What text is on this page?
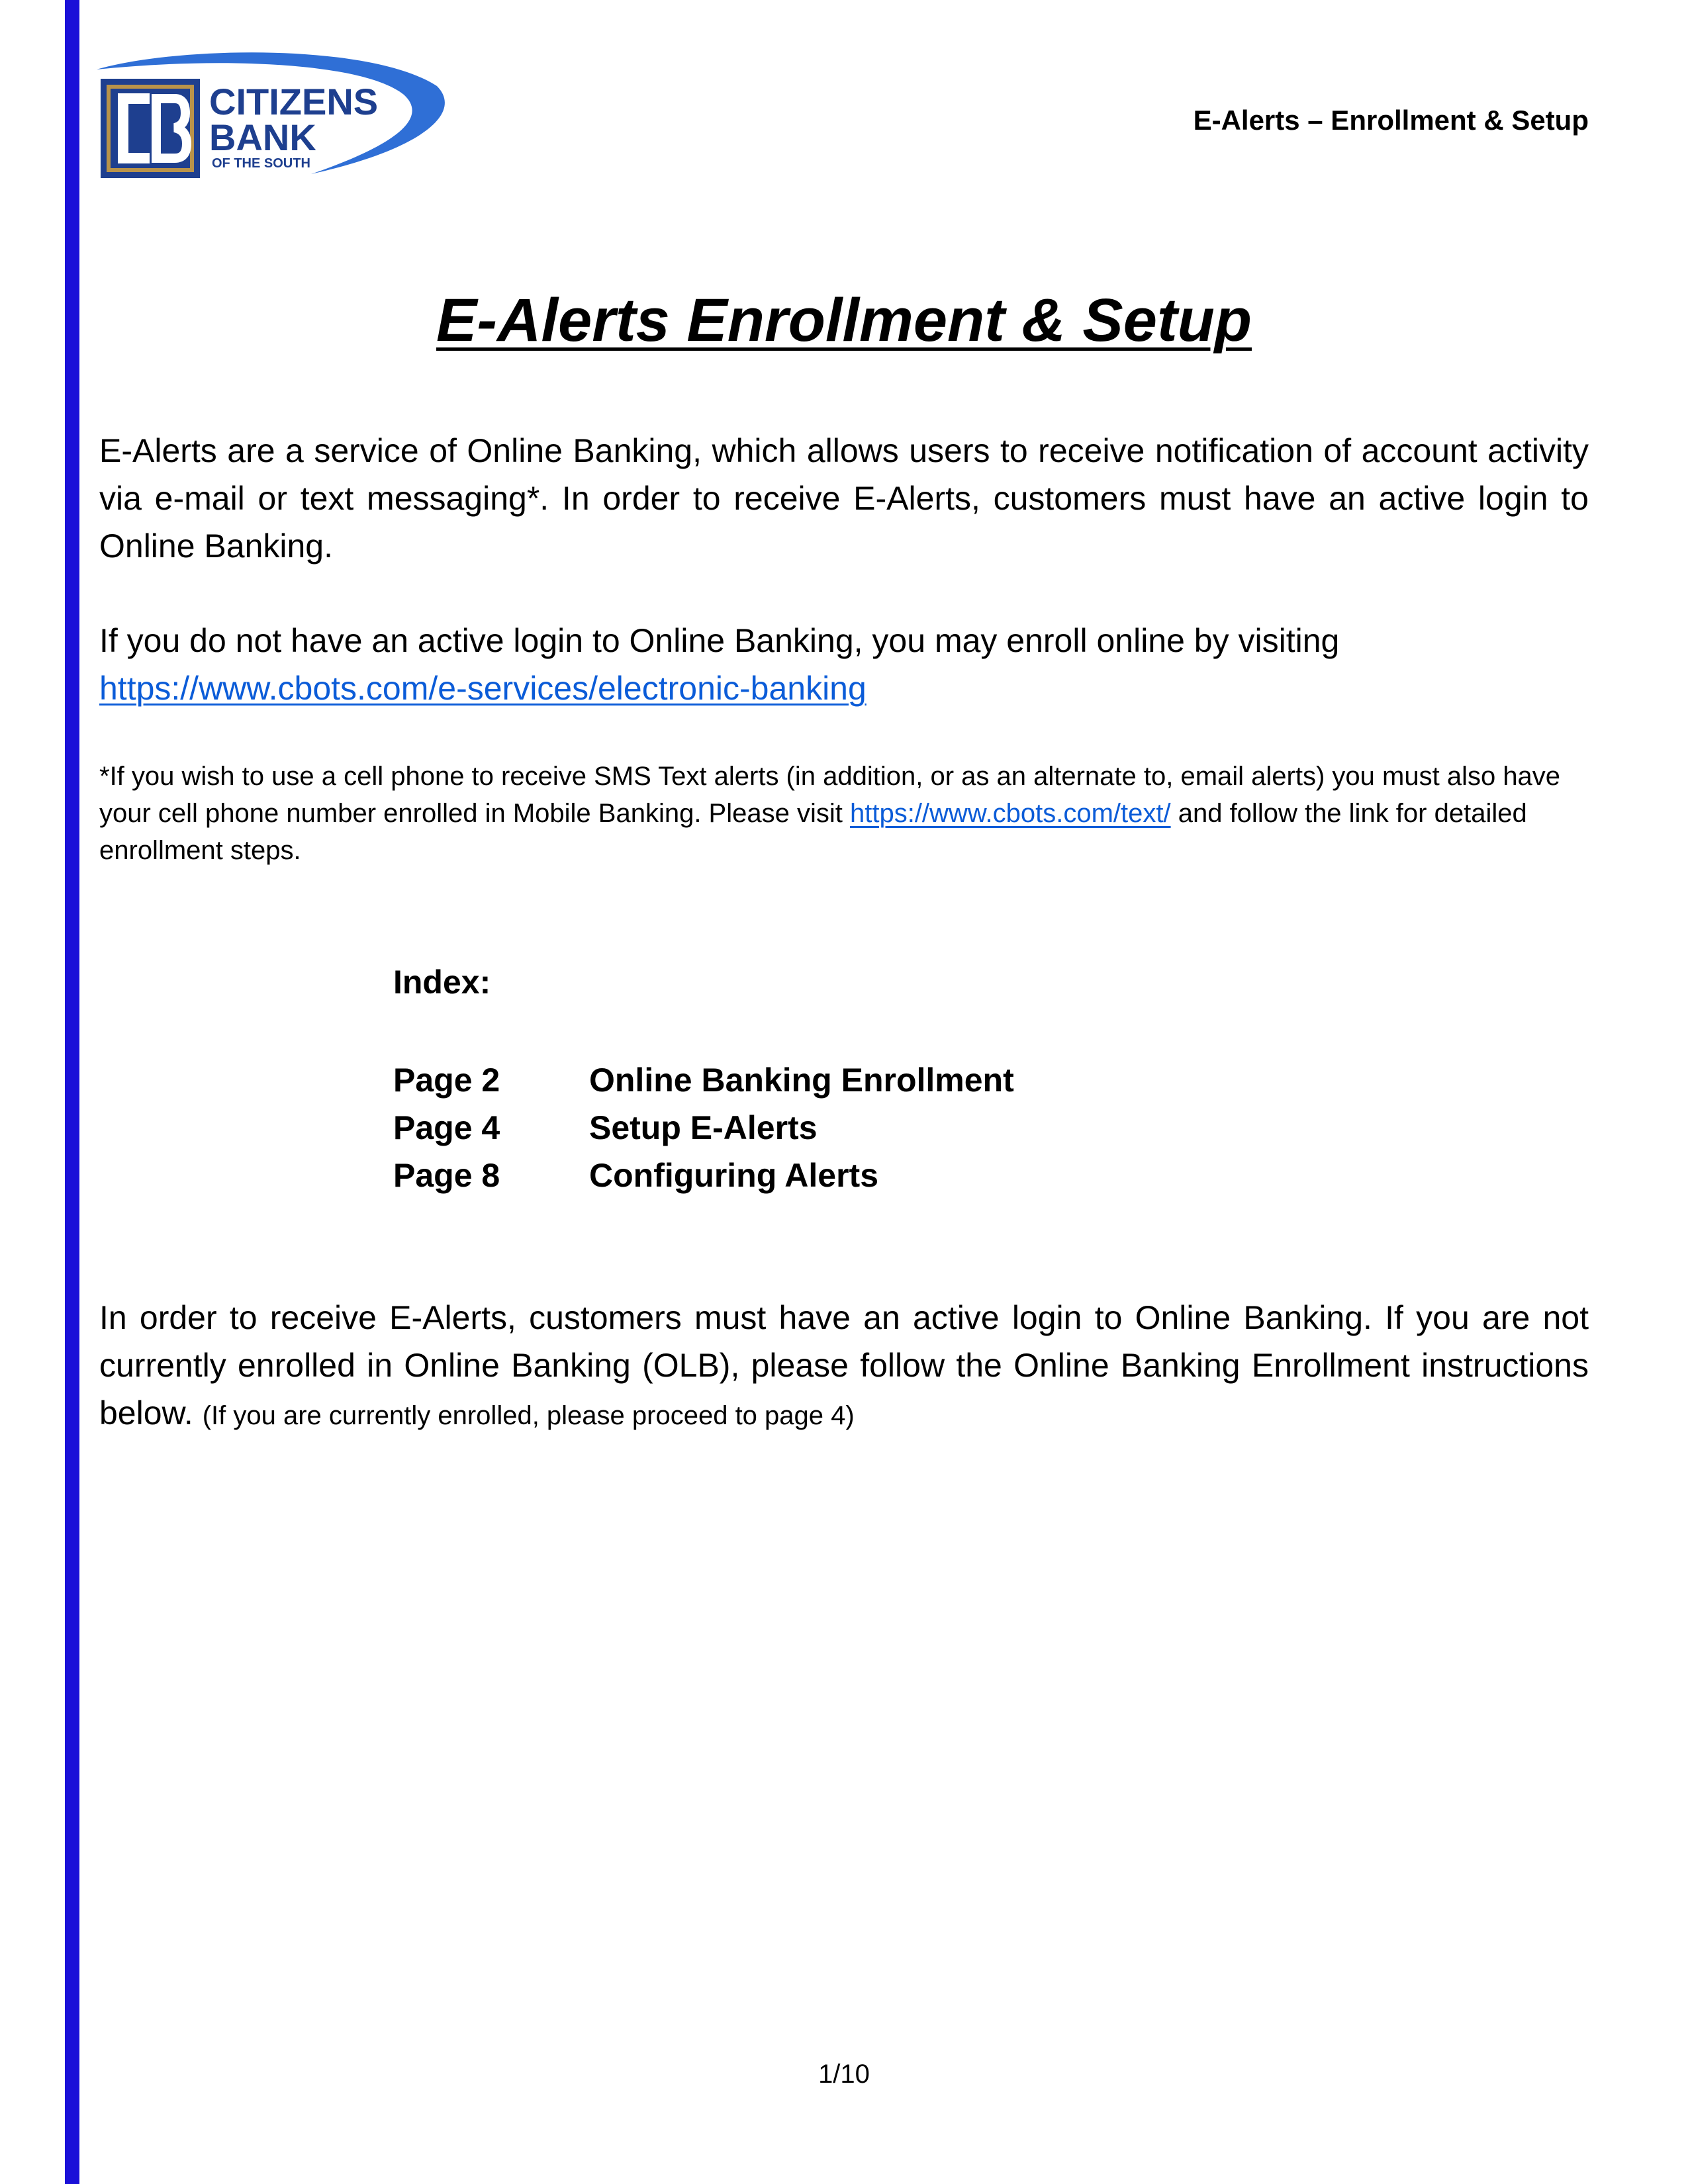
CITIZENS
BANK
OF THE SOUTH
E-Alerts – Enrollment & Setup
E-Alerts Enrollment & Setup
E-Alerts are a service of Online Banking, which allows users to receive notification of account activity via e-mail or text messaging*. In order to receive E-Alerts, customers must have an active login to Online Banking.
If you do not have an active login to Online Banking, you may enroll online by visiting
https://www.cbots.com/e-services/electronic-banking
*If you wish to use a cell phone to receive SMS Text alerts (in addition, or as an alternate to, email alerts) you must also have your cell phone number enrolled in Mobile Banking. Please visit https://www.cbots.com/text/ and follow the link for detailed enrollment steps.
Index:
Page 2	Online Banking Enrollment
Page 4	Setup E-Alerts
Page 8	Configuring Alerts
In order to receive E-Alerts, customers must have an active login to Online Banking. If you are not currently enrolled in Online Banking (OLB), please follow the Online Banking Enrollment instructions below. (If you are currently enrolled, please proceed to page 4)
1/10
